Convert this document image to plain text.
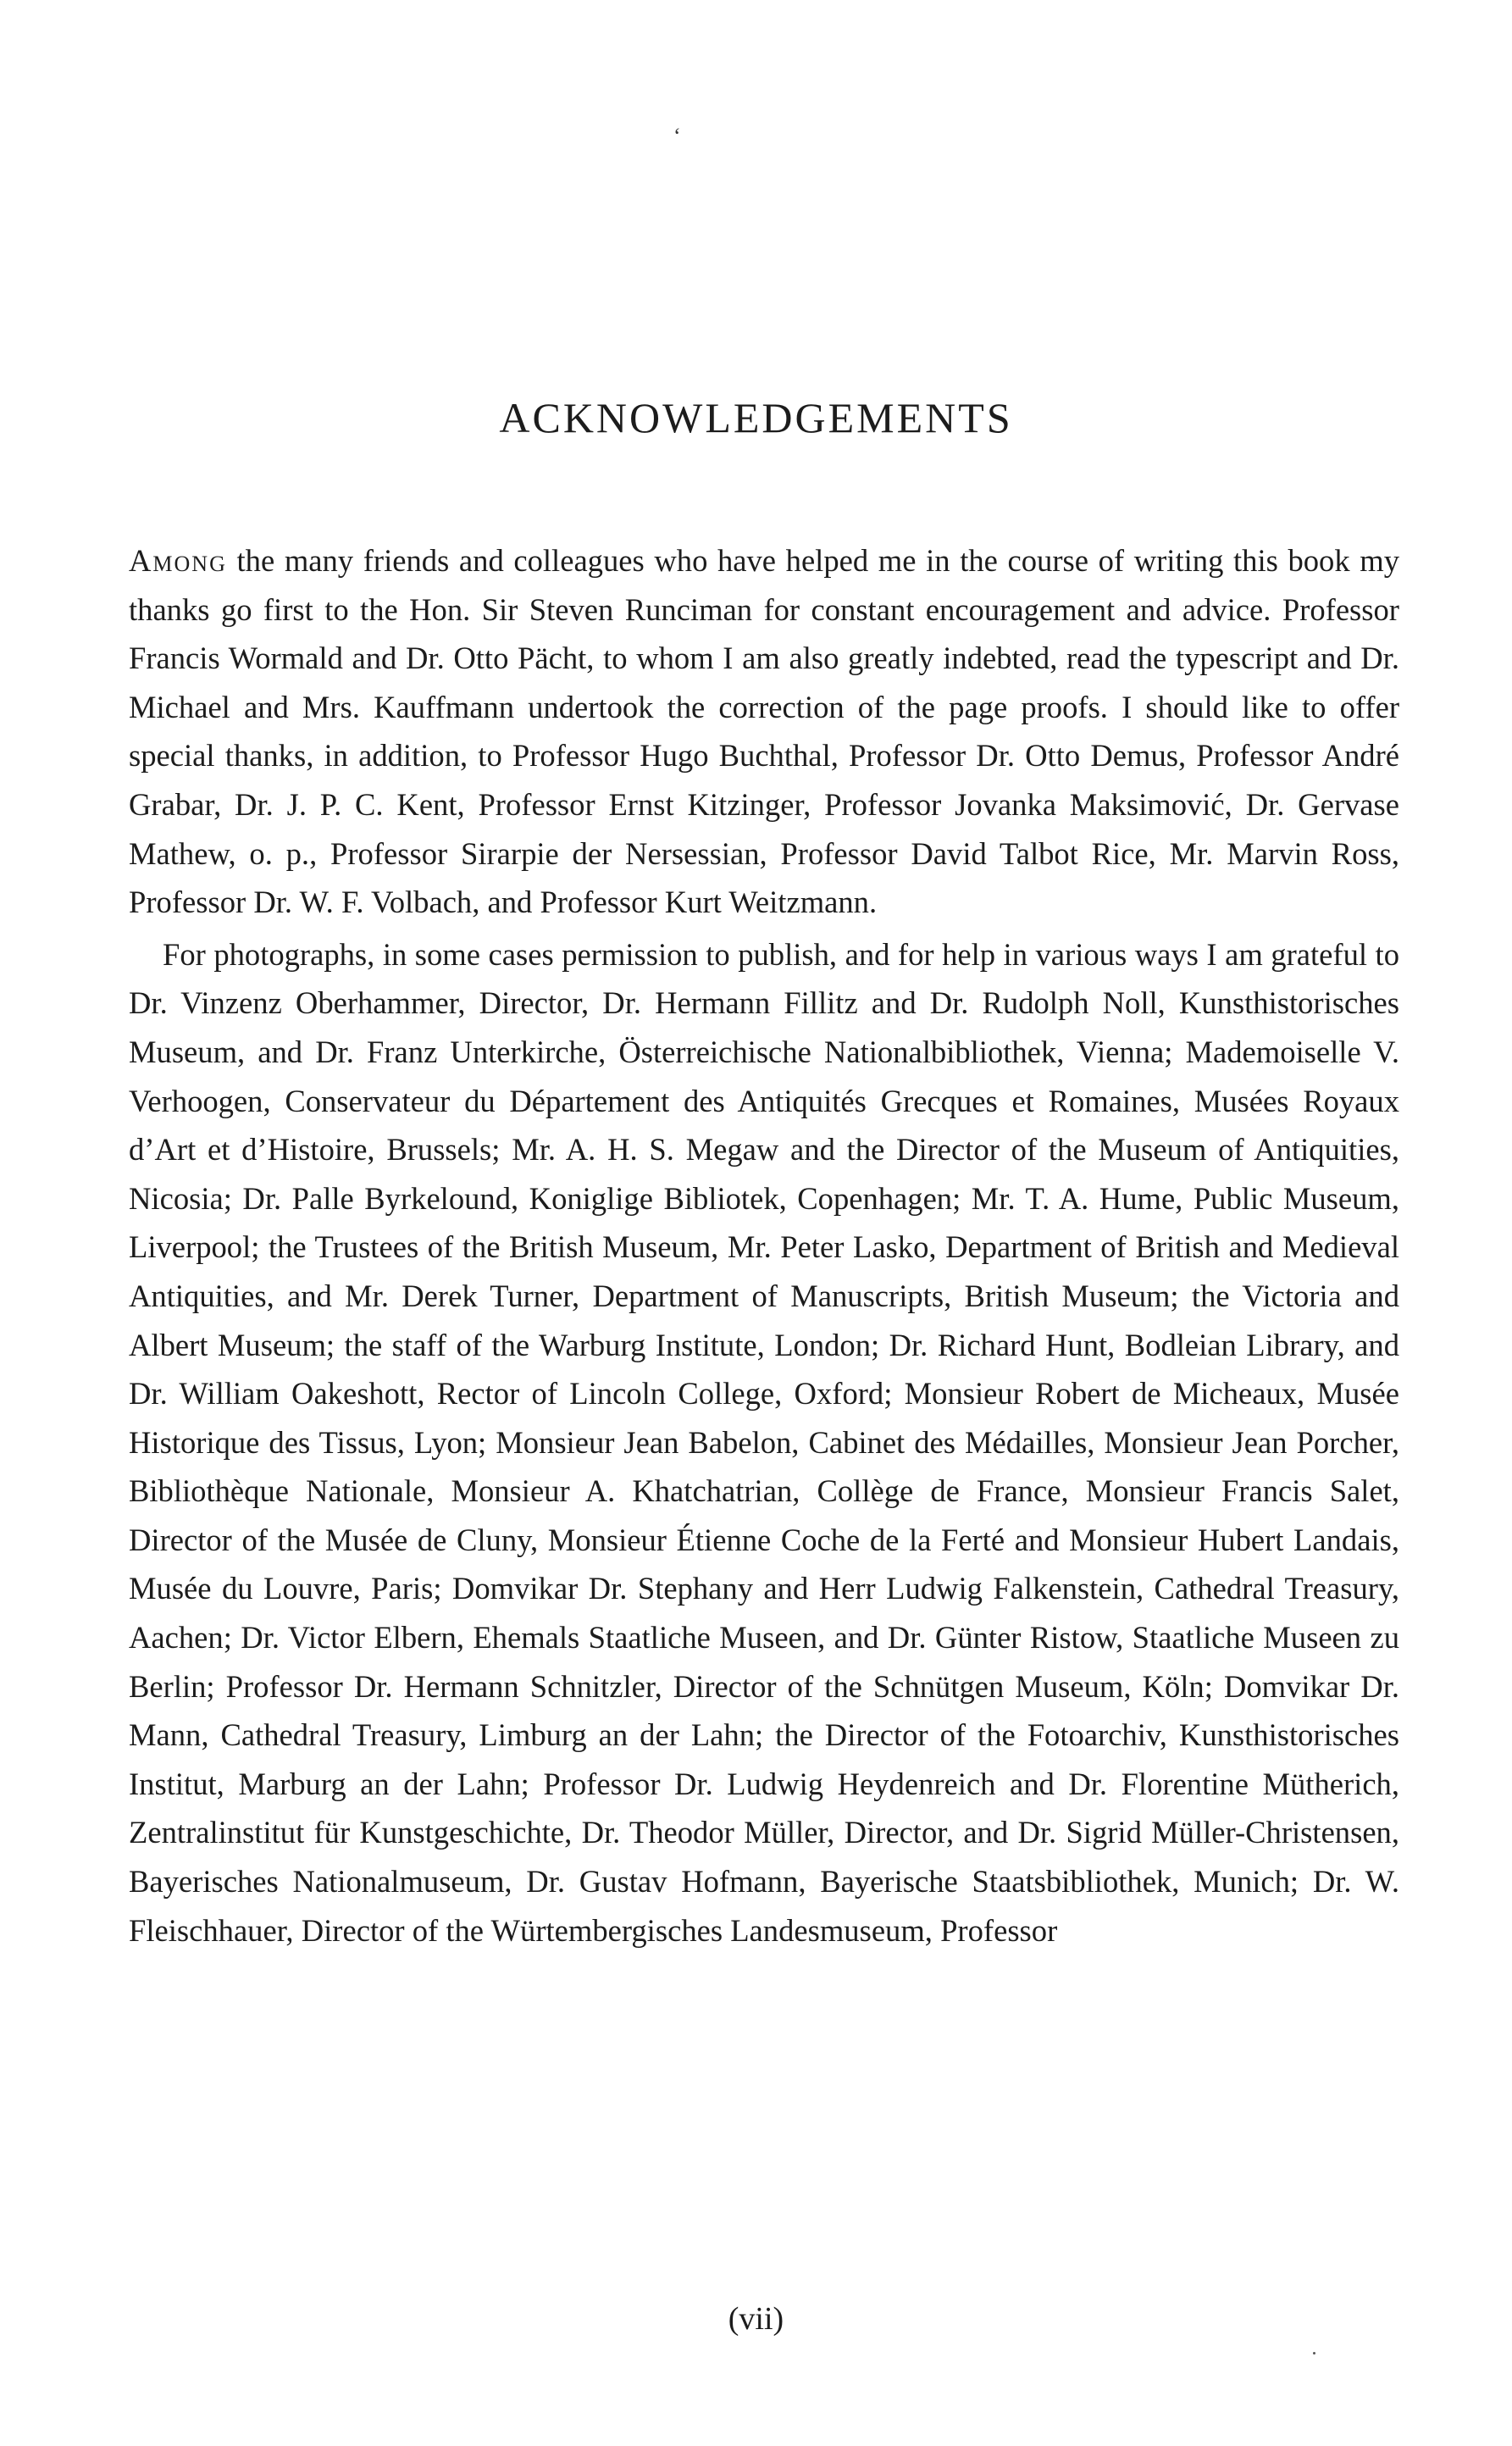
‘
ACKNOWLEDGEMENTS

Among the many friends and colleagues who have helped me in the course of writing this book my thanks go first to the Hon. Sir Steven Runciman for constant encouragement and advice. Professor Francis Wormald and Dr. Otto Pächt, to whom I am also greatly indebted, read the typescript and Dr. Michael and Mrs. Kauffmann undertook the correction of the page proofs. I should like to offer special thanks, in addition, to Professor Hugo Buchthal, Professor Dr. Otto Demus, Professor André Grabar, Dr. J. P. C. Kent, Professor Ernst Kitzinger, Professor Jovanka Maksimović, Dr. Gervase Mathew, o. p., Professor Sirarpie der Nersessian, Professor David Talbot Rice, Mr. Marvin Ross, Professor Dr. W. F. Volbach, and Professor Kurt Weitzmann.

For photographs, in some cases permission to publish, and for help in various ways I am grateful to Dr. Vinzenz Oberhammer, Director, Dr. Hermann Fillitz and Dr. Rudolph Noll, Kunsthistorisches Museum, and Dr. Franz Unterkirche, Österreichische Nationalbibliothek, Vienna; Mademoiselle V. Verhoogen, Conservateur du Département des Antiquités Grecques et Romaines, Musées Royaux d’Art et d’Histoire, Brussels; Mr. A. H. S. Megaw and the Director of the Museum of Antiquities, Nicosia; Dr. Palle Byrkelound, Koniglige Bibliotek, Copenhagen; Mr. T. A. Hume, Public Museum, Liverpool; the Trustees of the British Museum, Mr. Peter Lasko, Department of British and Medieval Antiquities, and Mr. Derek Turner, Department of Manuscripts, British Museum; the Victoria and Albert Museum; the staff of the Warburg Institute, London; Dr. Richard Hunt, Bodleian Library, and Dr. William Oakeshott, Rector of Lincoln College, Oxford; Monsieur Robert de Micheaux, Musée Historique des Tissus, Lyon; Monsieur Jean Babelon, Cabinet des Médailles, Monsieur Jean Porcher, Bibliothèque Nationale, Monsieur A. Khatchatrian, Collège de France, Monsieur Francis Salet, Director of the Musée de Cluny, Monsieur Étienne Coche de la Ferté and Monsieur Hubert Landais, Musée du Louvre, Paris; Domvikar Dr. Stephany and Herr Ludwig Falkenstein, Cathedral Treasury, Aachen; Dr. Victor Elbern, Ehemals Staatliche Museen, and Dr. Günter Ristow, Staatliche Museen zu Berlin; Professor Dr. Hermann Schnitzler, Director of the Schnütgen Museum, Köln; Domvikar Dr. Mann, Cathedral Treasury, Limburg an der Lahn; the Director of the Fotoarchiv, Kunsthistorisches Institut, Marburg an der Lahn; Professor Dr. Ludwig Heydenreich and Dr. Florentine Mütherich, Zentralinstitut für Kunstgeschichte, Dr. Theodor Müller, Director, and Dr. Sigrid Müller-Christensen, Bayerisches Nationalmuseum, Dr. Gustav Hofmann, Bayerische Staatsbibliothek, Munich; Dr. W. Fleischhauer, Director of the Würtembergisches Landesmuseum, Professor

(vii)
